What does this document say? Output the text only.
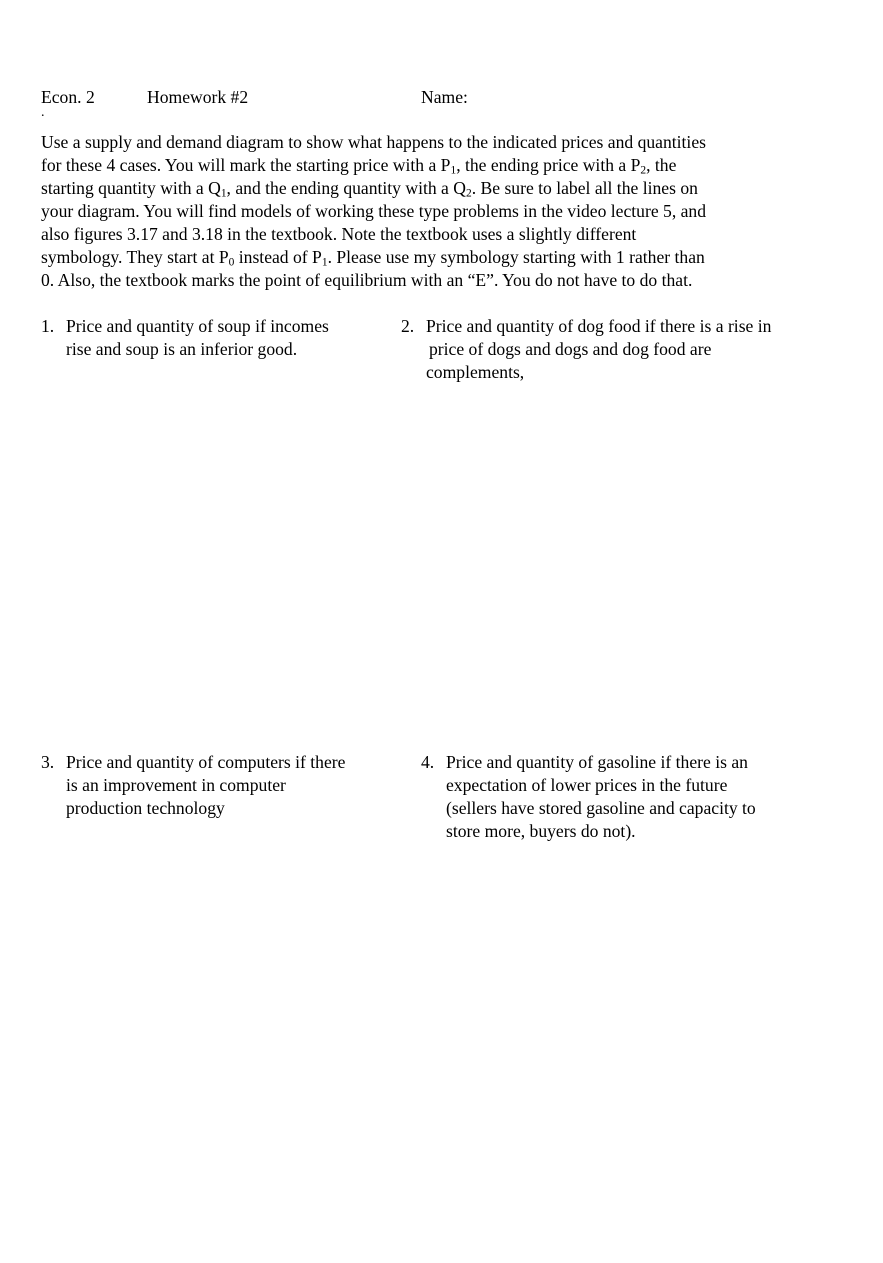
Econ. 2	Homework #2	Name:
.
Use a supply and demand diagram to show what happens to the indicated prices and quantities
for these 4 cases. You will mark the starting price with a $P_1$, the ending price with a $P_2$, the
starting quantity with a $Q_1$, and the ending quantity with a $Q_2$. Be sure to label all the lines on
your diagram. You will find models of working these type problems in the video lecture 5, and
also figures 3.17 and 3.18 in the textbook. Note the textbook uses a slightly different
symbology. They start at $P_0$ instead of $P_1$. Please use my symbology starting with 1 rather than
0. Also, the textbook marks the point of equilibrium with an “E”. You do not have to do that.
1. Price and quantity of soup if incomes
rise and soup is an inferior good.
2. Price and quantity of dog food if there is a rise in
price of dogs and dogs and dog food are
complements,
3. Price and quantity of computers if there
is an improvement in computer
production technology
4. Price and quantity of gasoline if there is an
expectation of lower prices in the future
(sellers have stored gasoline and capacity to
store more, buyers do not).
